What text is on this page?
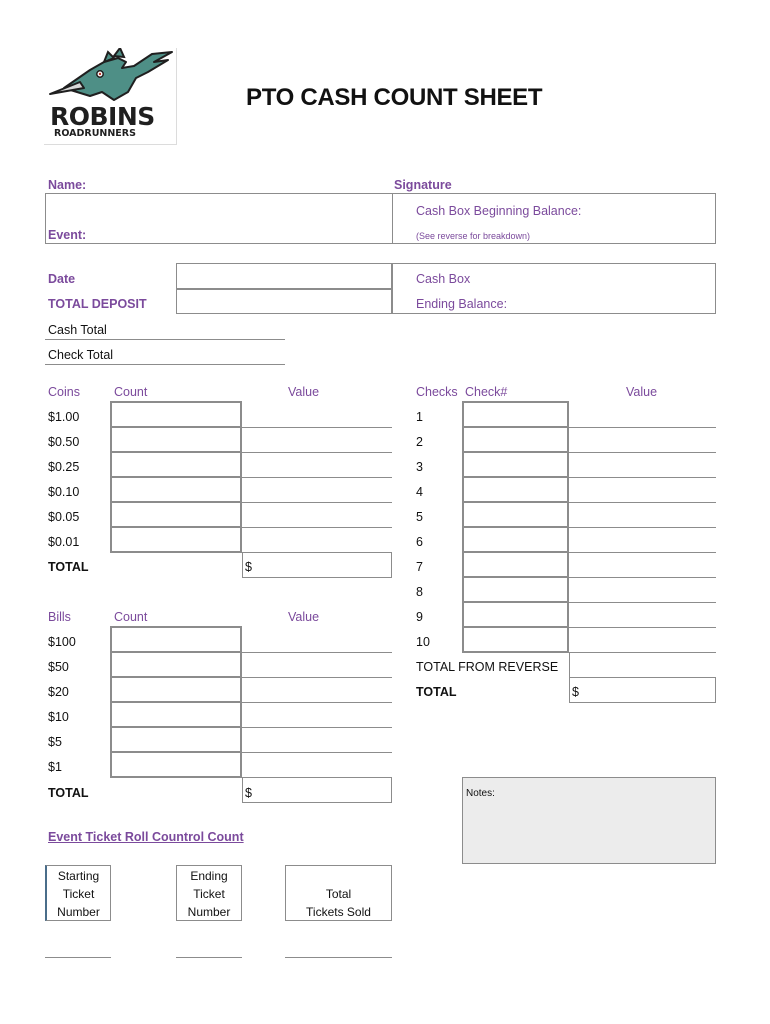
ROBINS
ROADRUNNERS
PTO CASH COUNT SHEET
Name:	Signature
Event:
Cash Box Beginning Balance:
(See reverse for breakdown)
Date
TOTAL DEPOSIT
Cash Box
Ending Balance:
Cash Total
Check Total
Coins	Count	Value
$1.00
$0.50
$0.25
$0.10
$0.05
$0.01
TOTAL	$
Bills	Count	Value
$100
$50
$20
$10
$5
$1
TOTAL	$
Checks Check#	Value
1
2
3
4
5
6
7
8
9
10
TOTAL FROM REVERSE
TOTAL	$
Notes:
Event Ticket Roll Countrol Count
Starting
Ticket
Number
Ending
Ticket
Number
Total
Tickets Sold
